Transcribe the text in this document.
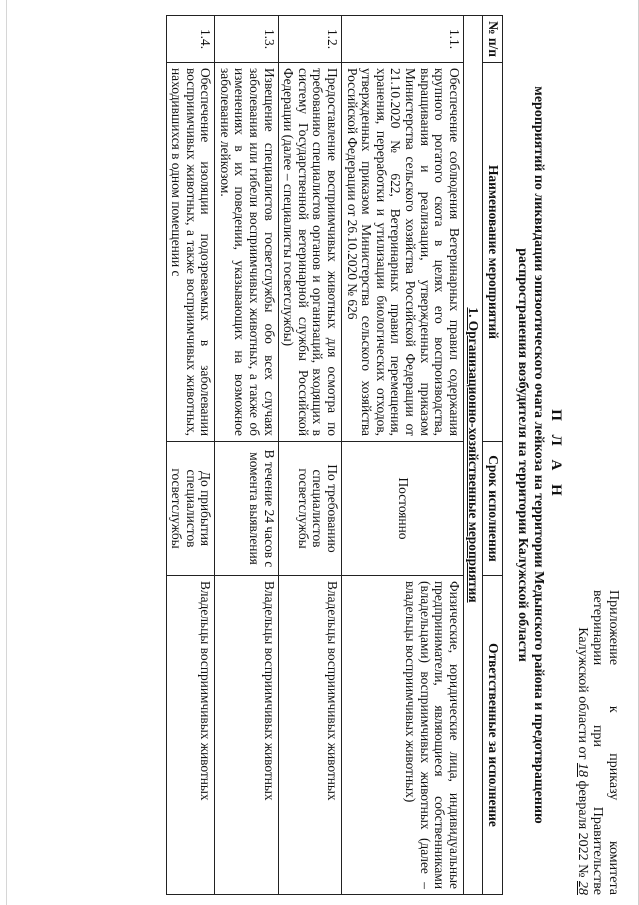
Приложение к приказу комитета
ветеринарии при Правительстве
Калужской области от 18 февраля 2022 № 28
П Л А Н
мероприятий по ликвидации эпизоотического очага лейкоза на территории Медынского района и предотвращению
распространения возбудителя на территории Калужской области
№ п/п	Наименование мероприятий	Срок исполнения	Ответственные за исполнение
1. Организационно-хозяйственные мероприятия			
1.1.	Обеспечение соблюдения Ветеринарных правил содержания крупного рогатого скота в целях его воспроизводства, выращивания и реализации, утвержденных приказом Министерства сельского хозяйства Российской Федерации от 21.10.2020 № 622, Ветеринарных правил перемещения, хранения, переработки и утилизации биологических отходов, утвержденных приказом Министерства сельского хозяйства Российской Федерации от 26.10.2020 № 626	Постоянно	Физические, юридические лица, индивидуальные предприниматели, являющиеся собственниками (владельцами) восприимчивых животных (далее – владельцы восприимчивых животных)
1.2.	Предоставление восприимчивых животных для осмотра по требованию специалистов органов и организаций, входящих в систему Государственной ветеринарной службы Российской Федерации (далее – специалисты госветслужбы)	По требованию специалистов госветслужбы	Владельцы восприимчивых животных
1.3.	Извещение специалистов госветслужбы обо всех случаях заболевания или гибели восприимчивых животных, а также об изменениях в их поведении, указывающих на возможное заболевание лейкозом.	В течение 24 часов с момента выявления	Владельцы восприимчивых животных
1.4.	Обеспечение изоляции подозреваемых в заболевании восприимчивых животных, а также восприимчивых животных, находившихся в одном помещении с	До прибытия специалистов госветслужбы	Владельцы восприимчивых животных
